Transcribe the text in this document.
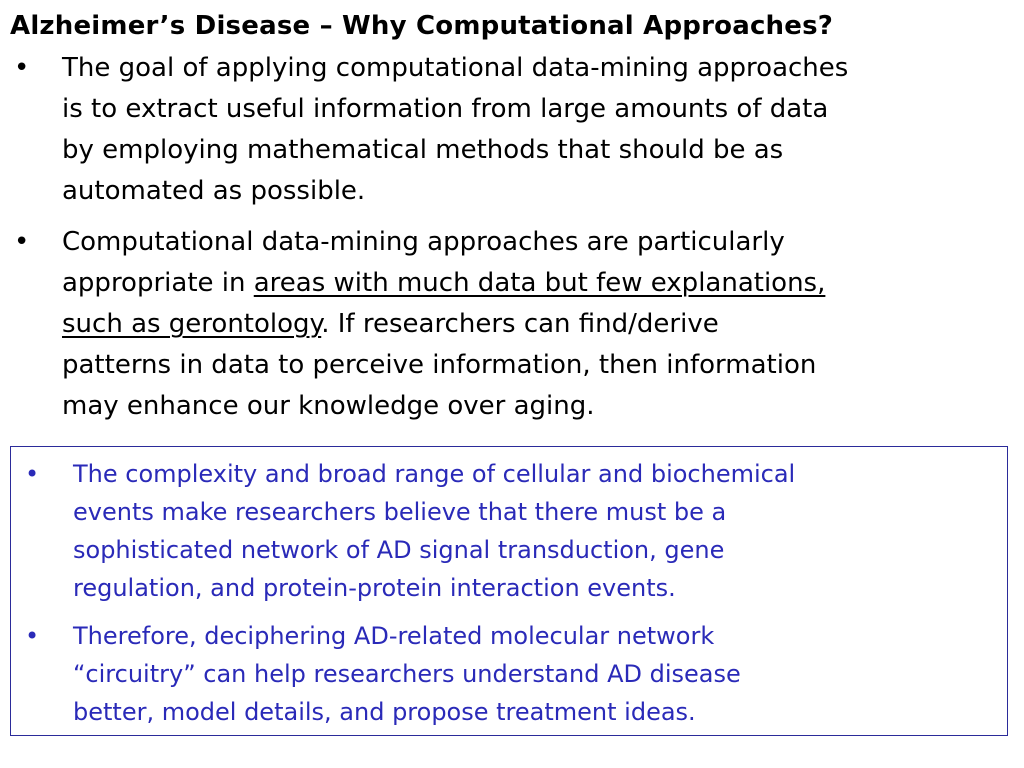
Alzheimer’s Disease – Why Computational Approaches?
• The goal of applying computational data-mining approaches
is to extract useful information from large amounts of data
by employing mathematical methods that should be as
automated as possible.
• Computational data-mining approaches are particularly
appropriate in areas with much data but few explanations,
such as gerontology. If researchers can find/derive
patterns in data to perceive information, then information
may enhance our knowledge over aging.
• The complexity and broad range of cellular and biochemical
events make researchers believe that there must be a
sophisticated network of AD signal transduction, gene
regulation, and protein-protein interaction events.
• Therefore, deciphering AD-related molecular network
“circuitry” can help researchers understand AD disease
better, model details, and propose treatment ideas.
